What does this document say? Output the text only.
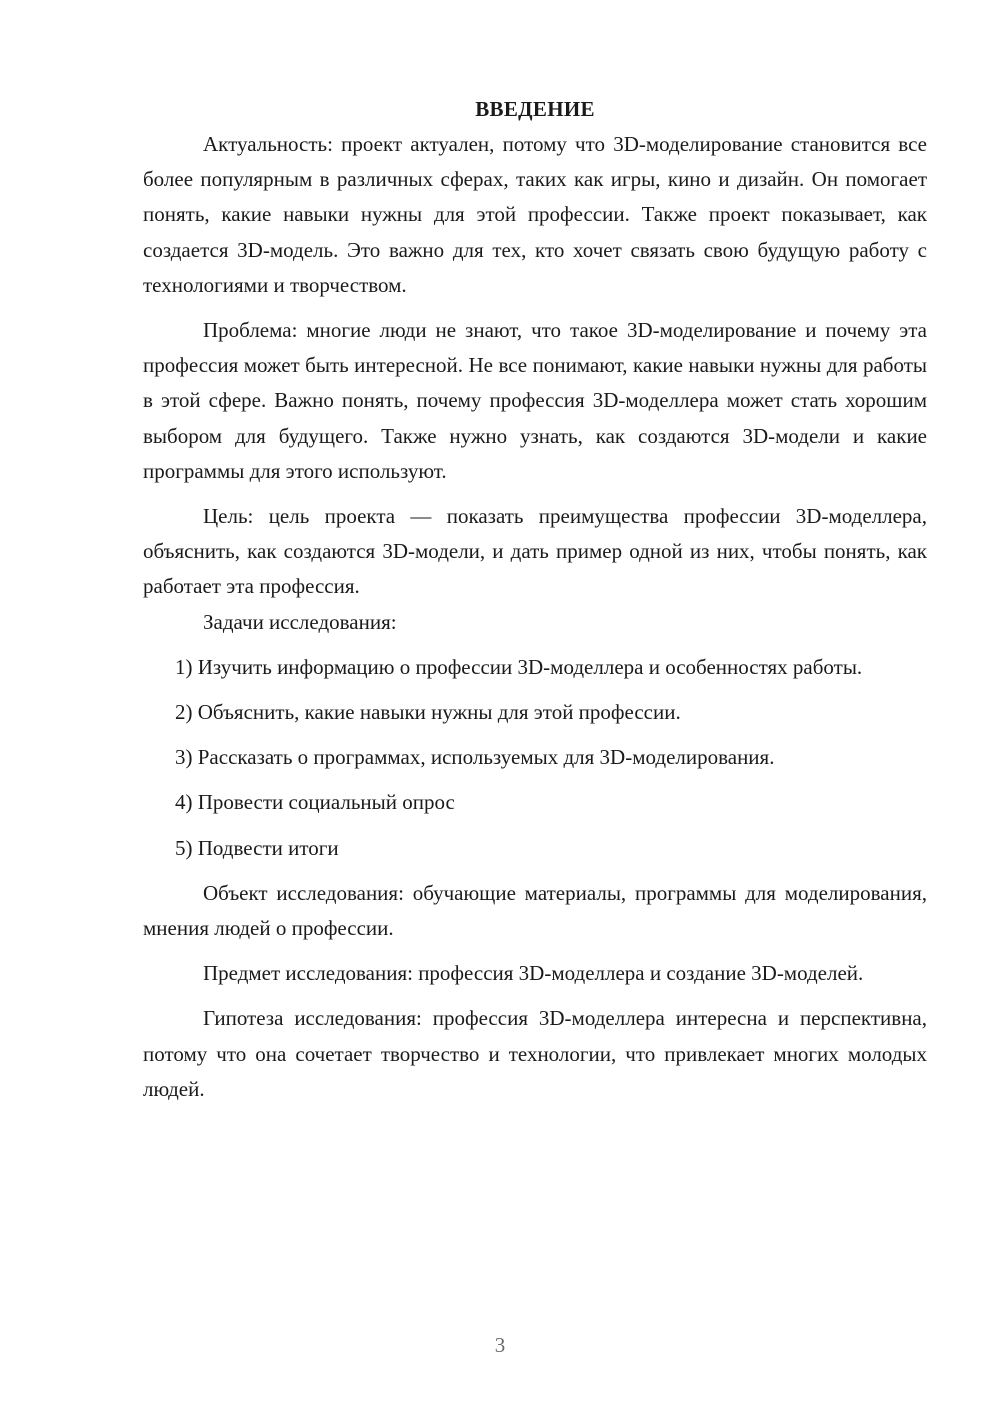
ВВЕДЕНИЕ

Актуальность: проект актуален, потому что 3D-моделирование становится все более популярным в различных сферах, таких как игры, кино и дизайн. Он помогает понять, какие навыки нужны для этой профессии. Также проект показывает, как создается 3D-модель. Это важно для тех, кто хочет связать свою будущую работу с технологиями и творчеством.

Проблема: многие люди не знают, что такое 3D-моделирование и почему эта профессия может быть интересной. Не все понимают, какие навыки нужны для работы в этой сфере. Важно понять, почему профессия 3D-моделлера может стать хорошим выбором для будущего. Также нужно узнать, как создаются 3D-модели и какие программы для этого используют.

Цель: цель проекта — показать преимущества профессии 3D-моделлера, объяснить, как создаются 3D-модели, и дать пример одной из них, чтобы понять, как работает эта профессия.

Задачи исследования:

1) Изучить информацию о профессии 3D-моделлера и особенностях работы.

2) Объяснить, какие навыки нужны для этой профессии.

3) Рассказать о программах, используемых для 3D-моделирования.

4) Провести социальный опрос

5) Подвести итоги

Объект исследования: обучающие материалы, программы для моделирования, мнения людей о профессии.

Предмет исследования: профессия 3D-моделлера и создание 3D-моделей.

Гипотеза исследования: профессия 3D-моделлера интересна и перспективна, потому что она сочетает творчество и технологии, что привлекает многих молодых людей.

3
